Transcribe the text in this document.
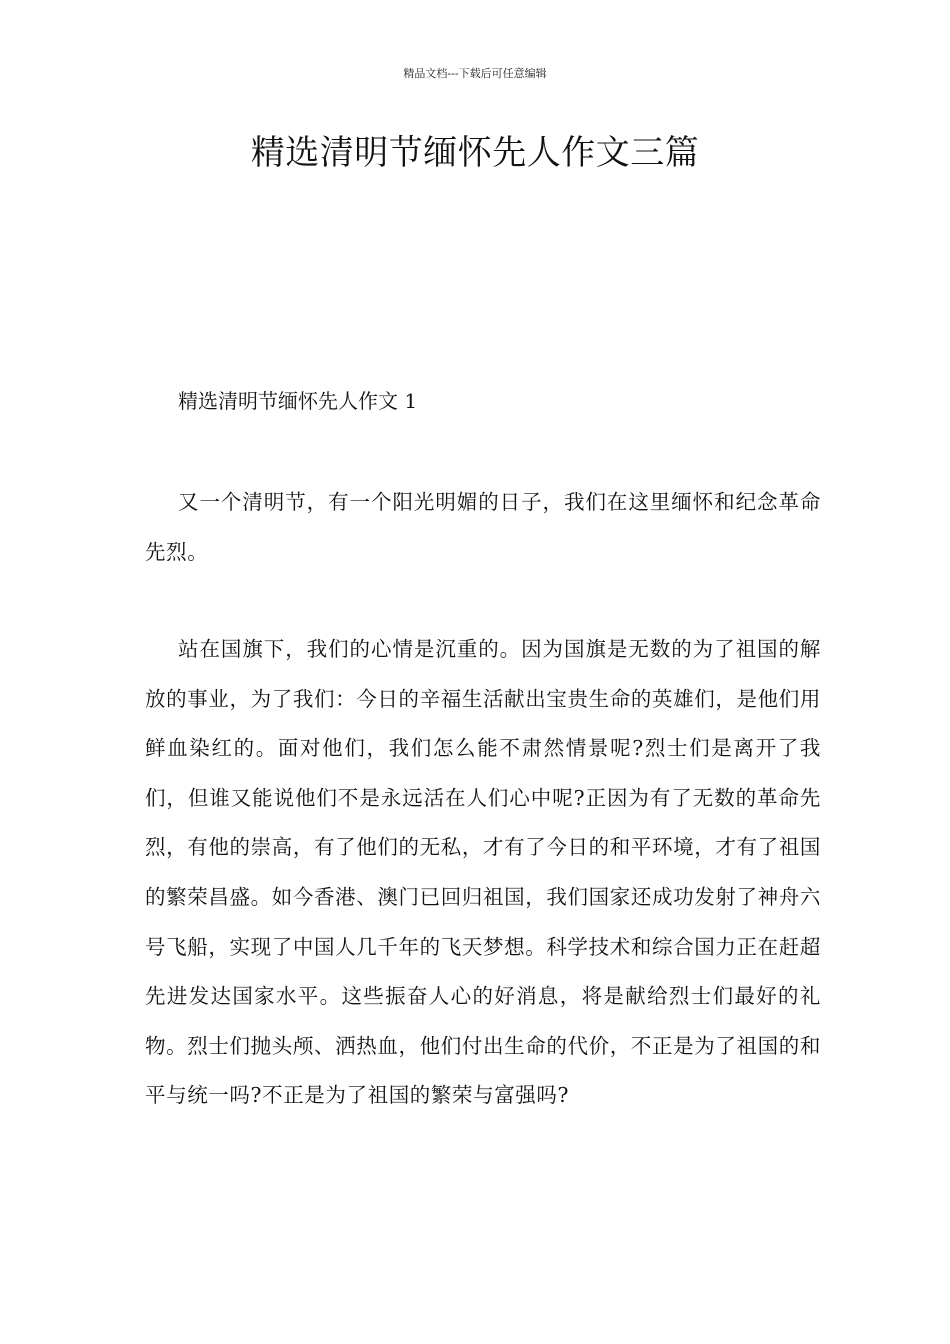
精品文档---下载后可任意编辑
精选清明节缅怀先人作文三篇
精选清明节缅怀先人作文 1

又一个清明节，有一个阳光明媚的日子，我们在这里缅怀和纪念革命先烈。

站在国旗下，我们的心情是沉重的。因为国旗是无数的为了祖国的解放的事业，为了我们：今日的辛福生活献出宝贵生命的英雄们，是他们用鲜血染红的。面对他们，我们怎么能不肃然情景呢?烈士们是离开了我们，但谁又能说他们不是永远活在人们心中呢?正因为有了无数的革命先烈，有他的崇高，有了他们的无私，才有了今日的和平环境，才有了祖国的繁荣昌盛。如今香港、澳门已回归祖国，我们国家还成功发射了神舟六号飞船，实现了中国人几千年的飞天梦想。科学技术和综合国力正在赶超先进发达国家水平。这些振奋人心的好消息，将是献给烈士们最好的礼物。烈士们抛头颅、洒热血，他们付出生命的代价，不正是为了祖国的和平与统一吗?不正是为了祖国的繁荣与富强吗?
